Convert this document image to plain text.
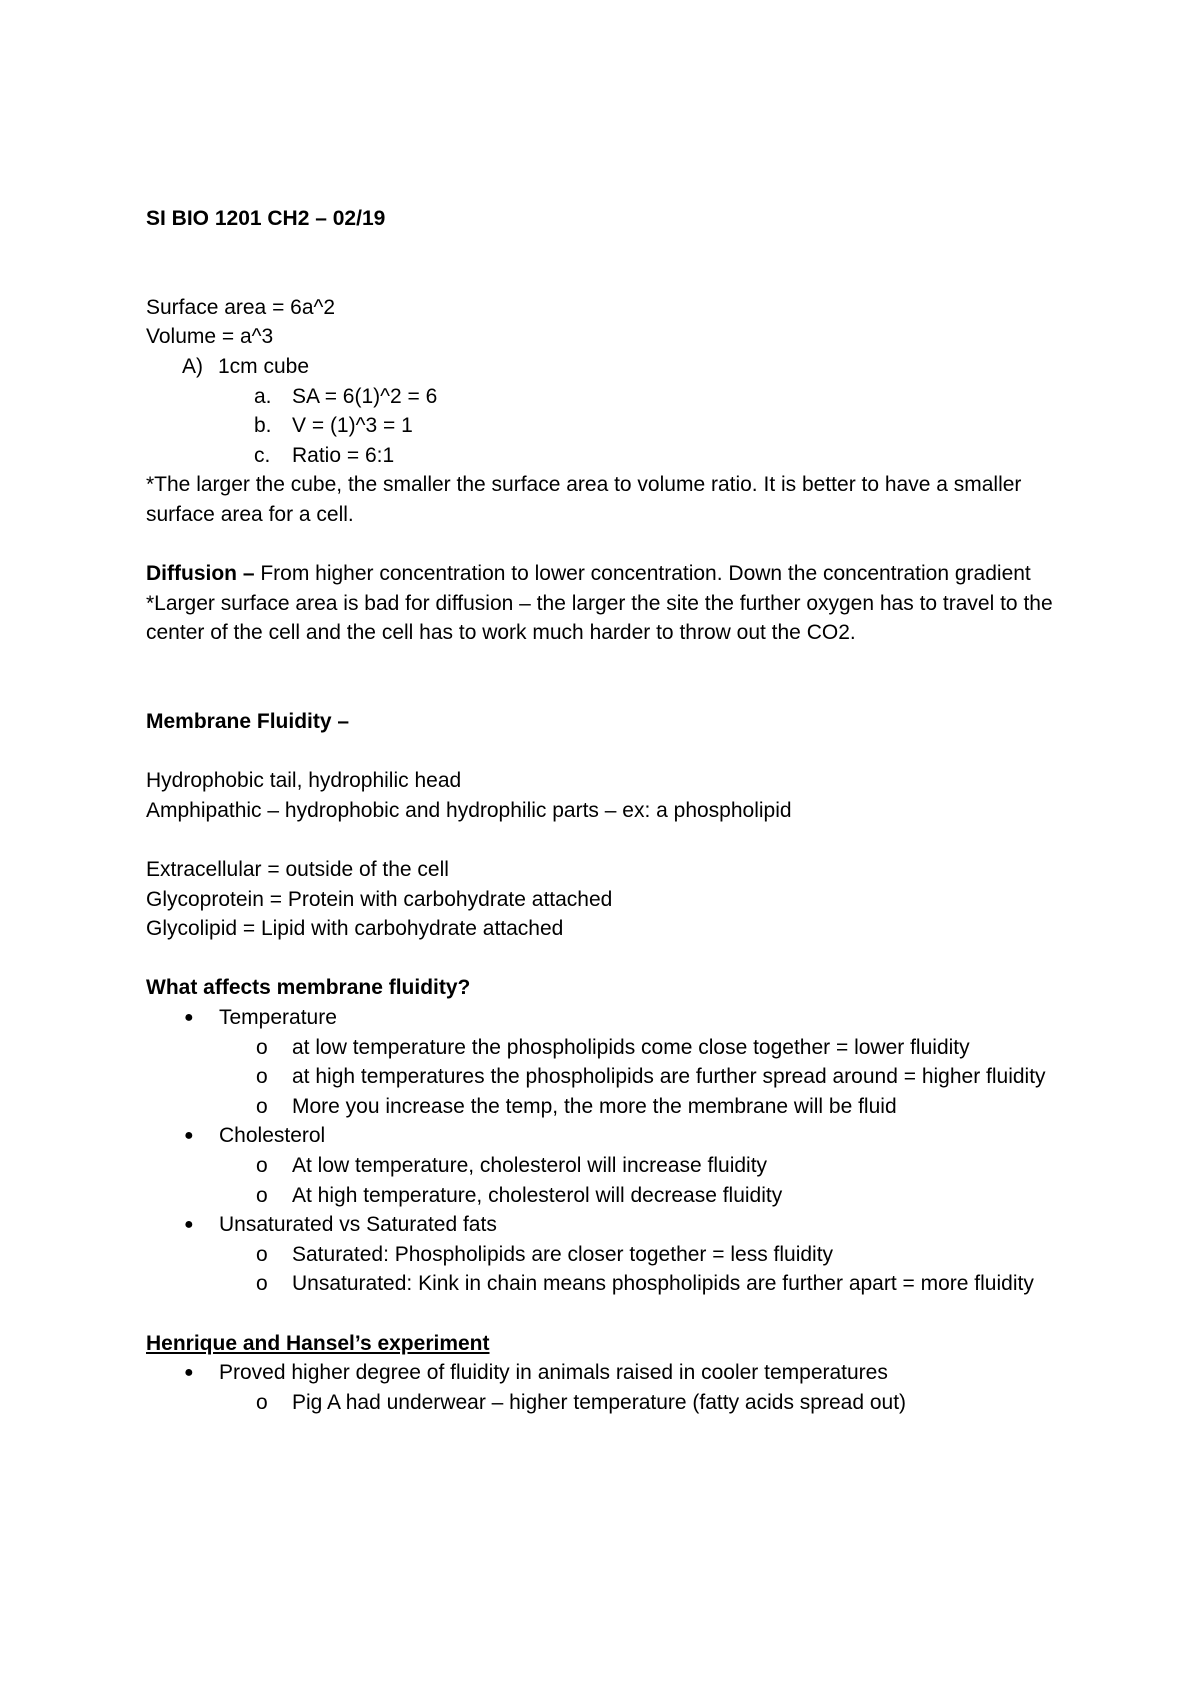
SI BIO 1201 CH2 – 02/19

Surface area = 6a^2

Volume = a^3

A) 1cm cube

a. SA = 6(1)^2 = 6

b. V = (1)^3 = 1

c. Ratio = 6:1

*The larger the cube, the smaller the surface area to volume ratio. It is better to have a smaller surface area for a cell.

Diffusion – From higher concentration to lower concentration. Down the concentration gradient

*Larger surface area is bad for diffusion – the larger the site the further oxygen has to travel to the center of the cell and the cell has to work much harder to throw out the CO2.

Membrane Fluidity –

Hydrophobic tail, hydrophilic head

Amphipathic – hydrophobic and hydrophilic parts – ex: a phospholipid

Extracellular = outside of the cell

Glycoprotein = Protein with carbohydrate attached

Glycolipid = Lipid with carbohydrate attached

What affects membrane fluidity?

● Temperature

o at low temperature the phospholipids come close together = lower fluidity

o at high temperatures the phospholipids are further spread around = higher fluidity

o More you increase the temp, the more the membrane will be fluid

● Cholesterol

o At low temperature, cholesterol will increase fluidity

o At high temperature, cholesterol will decrease fluidity

● Unsaturated vs Saturated fats

o Saturated: Phospholipids are closer together = less fluidity

o Unsaturated: Kink in chain means phospholipids are further apart = more fluidity

Henrique and Hansel’s experiment

● Proved higher degree of fluidity in animals raised in cooler temperatures

o Pig A had underwear – higher temperature (fatty acids spread out)
